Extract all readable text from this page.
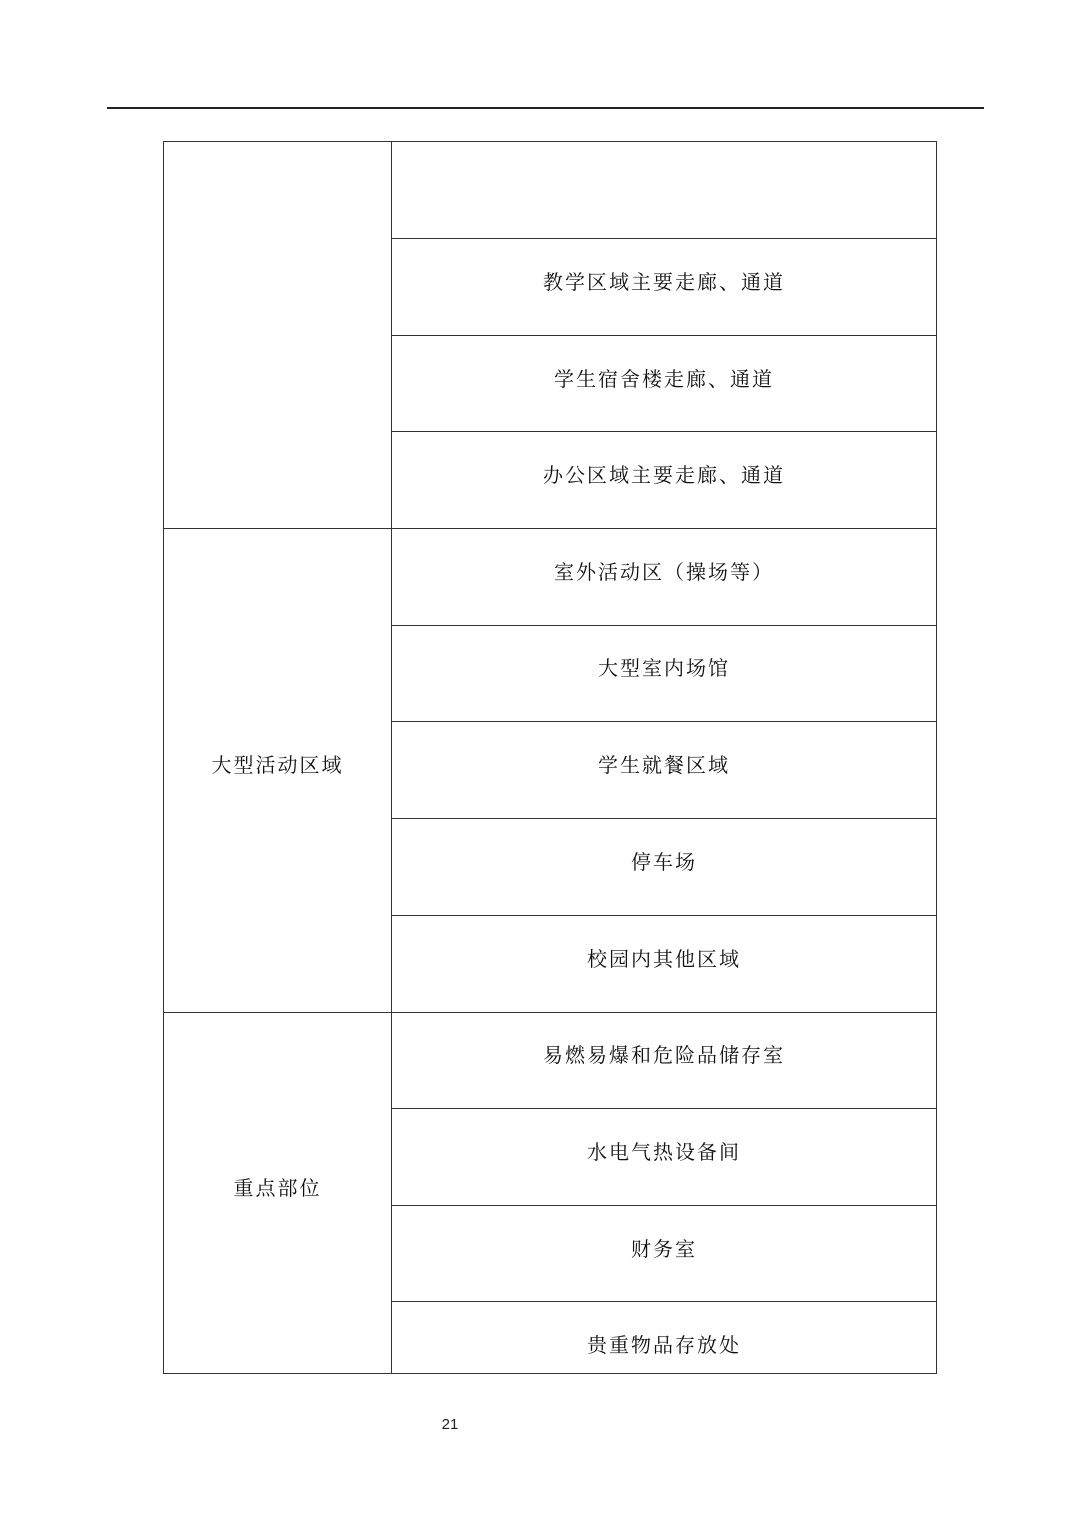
教学区域主要走廊、通道
学生宿舍楼走廊、通道
办公区域主要走廊、通道
室外活动区（操场等）
大型室内场馆
学生就餐区域
停车场
校园内其他区域
大型活动区域
易燃易爆和危险品储存室
水电气热设备间
财务室
贵重物品存放处
重点部位
21
